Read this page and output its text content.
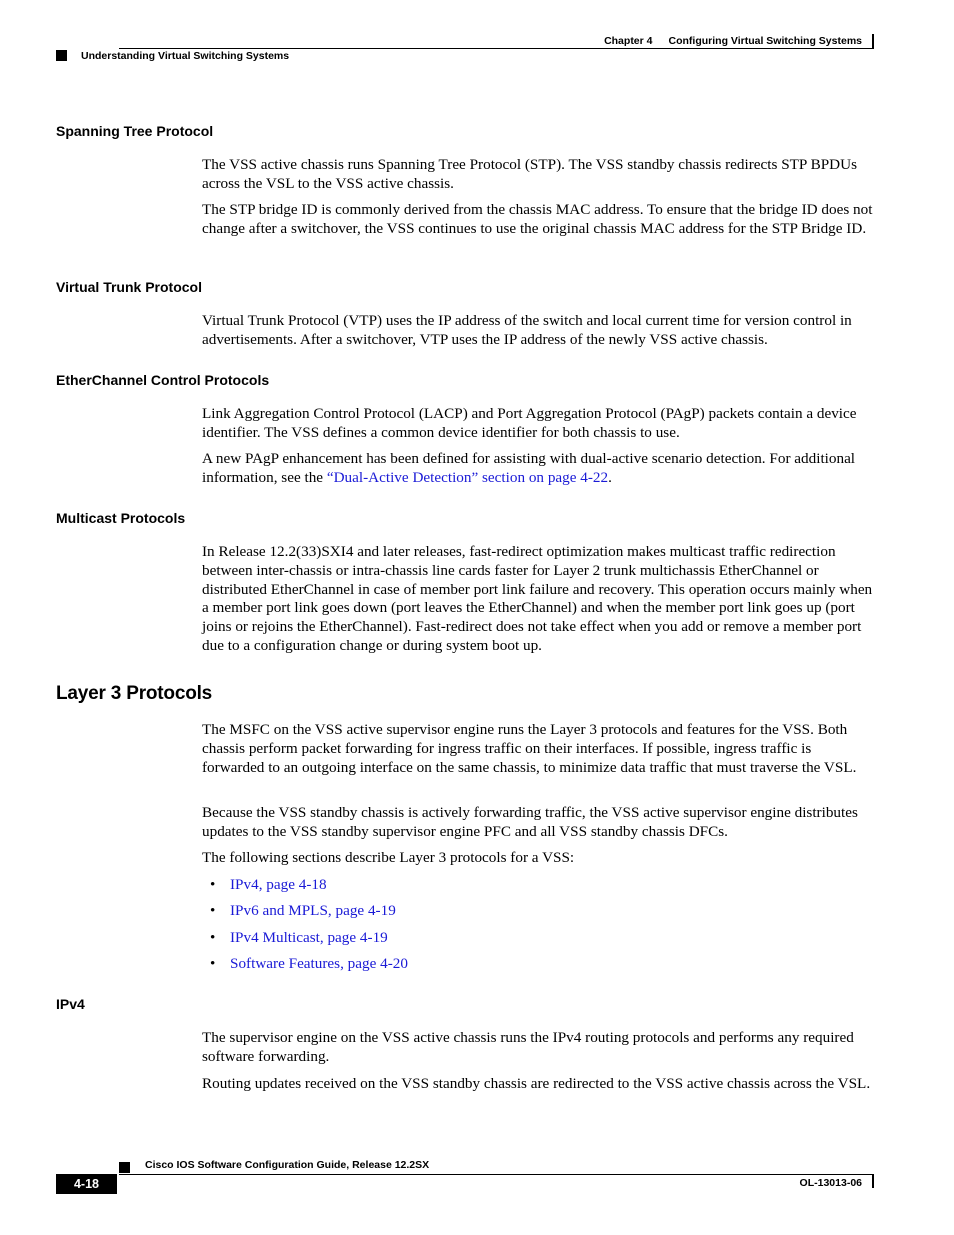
Chapter 4 Configuring Virtual Switching Systems
Understanding Virtual Switching Systems
Spanning Tree Protocol

The VSS active chassis runs Spanning Tree Protocol (STP). The VSS standby chassis redirects STP BPDUs across the VSL to the VSS active chassis.

The STP bridge ID is commonly derived from the chassis MAC address. To ensure that the bridge ID does not change after a switchover, the VSS continues to use the original chassis MAC address for the STP Bridge ID.

Virtual Trunk Protocol

Virtual Trunk Protocol (VTP) uses the IP address of the switch and local current time for version control in advertisements. After a switchover, VTP uses the IP address of the newly VSS active chassis.

EtherChannel Control Protocols

Link Aggregation Control Protocol (LACP) and Port Aggregation Protocol (PAgP) packets contain a device identifier. The VSS defines a common device identifier for both chassis to use.

A new PAgP enhancement has been defined for assisting with dual-active scenario detection. For additional information, see the “Dual-Active Detection” section on page 4-22.

Multicast Protocols

In Release 12.2(33)SXI4 and later releases, fast-redirect optimization makes multicast traffic redirection between inter-chassis or intra-chassis line cards faster for Layer 2 trunk multichassis EtherChannel or distributed EtherChannel in case of member port link failure and recovery. This operation occurs mainly when a member port link goes down (port leaves the EtherChannel) and when the member port link goes up (port joins or rejoins the EtherChannel). Fast-redirect does not take effect when you add or remove a member port due to a configuration change or during system boot up.

Layer 3 Protocols

The MSFC on the VSS active supervisor engine runs the Layer 3 protocols and features for the VSS. Both chassis perform packet forwarding for ingress traffic on their interfaces. If possible, ingress traffic is forwarded to an outgoing interface on the same chassis, to minimize data traffic that must traverse the VSL.

Because the VSS standby chassis is actively forwarding traffic, the VSS active supervisor engine distributes updates to the VSS standby supervisor engine PFC and all VSS standby chassis DFCs.

The following sections describe Layer 3 protocols for a VSS:

• IPv4, page 4-18
• IPv6 and MPLS, page 4-19
• IPv4 Multicast, page 4-19
• Software Features, page 4-20
IPv4

The supervisor engine on the VSS active chassis runs the IPv4 routing protocols and performs any required software forwarding.

Routing updates received on the VSS standby chassis are redirected to the VSS active chassis across the VSL.

Cisco IOS Software Configuration Guide, Release 12.2SX
4-18	OL-13013-06
